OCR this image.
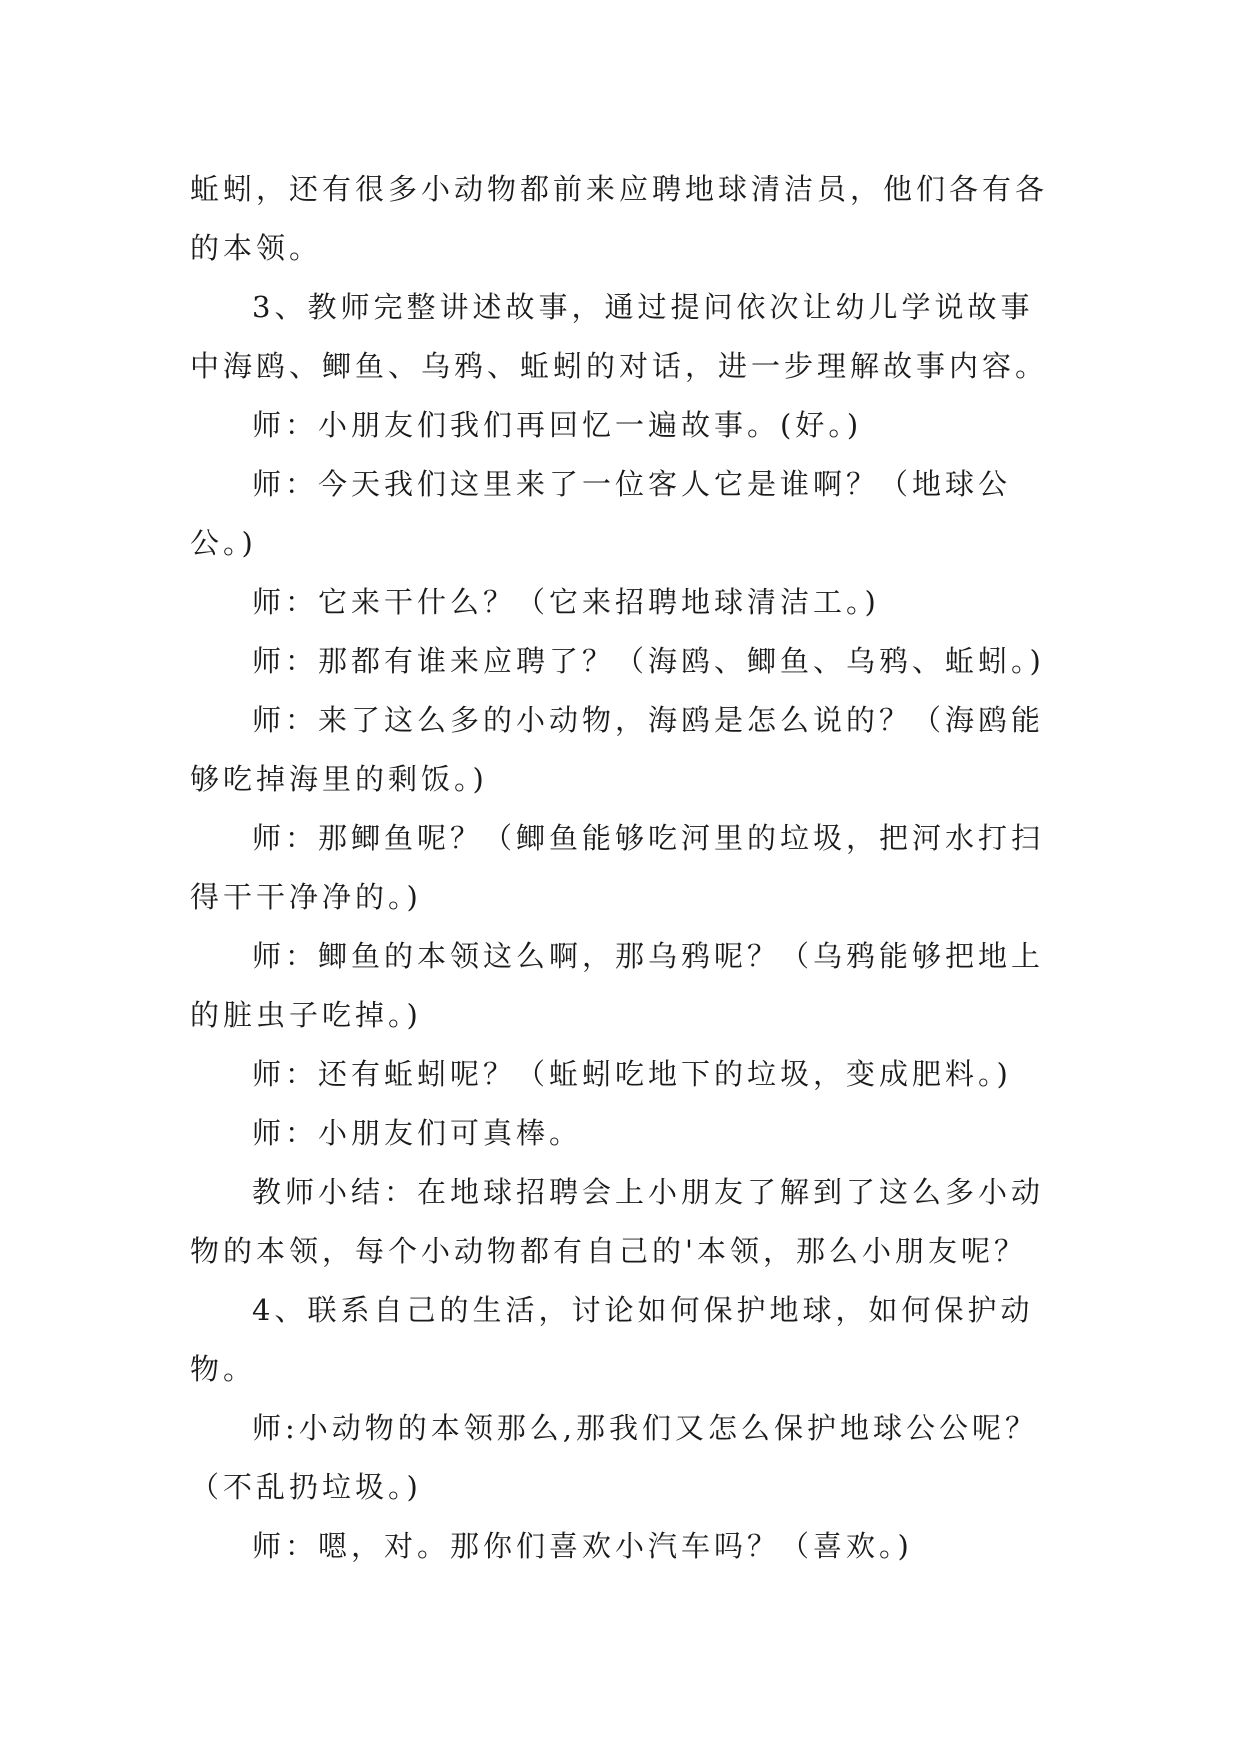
蚯蚓，还有很多小动物都前来应聘地球清洁员，他们各有各
的本领。
3、教师完整讲述故事，通过提问依次让幼儿学说故事
中海鸥、鲫鱼、乌鸦、蚯蚓的对话，进一步理解故事内容。
师：小朋友们我们再回忆一遍故事。(好。)
师：今天我们这里来了一位客人它是谁啊？（地球公
公。)
师：它来干什么？（它来招聘地球清洁工。)
师：那都有谁来应聘了？（海鸥、鲫鱼、乌鸦、蚯蚓。)
师：来了这么多的小动物，海鸥是怎么说的？（海鸥能
够吃掉海里的剩饭。)
师：那鲫鱼呢？（鲫鱼能够吃河里的垃圾，把河水打扫
得干干净净的。)
师：鲫鱼的本领这么啊，那乌鸦呢？（乌鸦能够把地上
的脏虫子吃掉。)
师：还有蚯蚓呢？（蚯蚓吃地下的垃圾，变成肥料。)
师：小朋友们可真棒。
教师小结：在地球招聘会上小朋友了解到了这么多小动
物的本领，每个小动物都有自己的'本领，那么小朋友呢？
4、联系自己的生活，讨论如何保护地球，如何保护动
物。
师:小动物的本领那么,那我们又怎么保护地球公公呢？
（不乱扔垃圾。)
师：嗯，对。那你们喜欢小汽车吗？（喜欢。)
